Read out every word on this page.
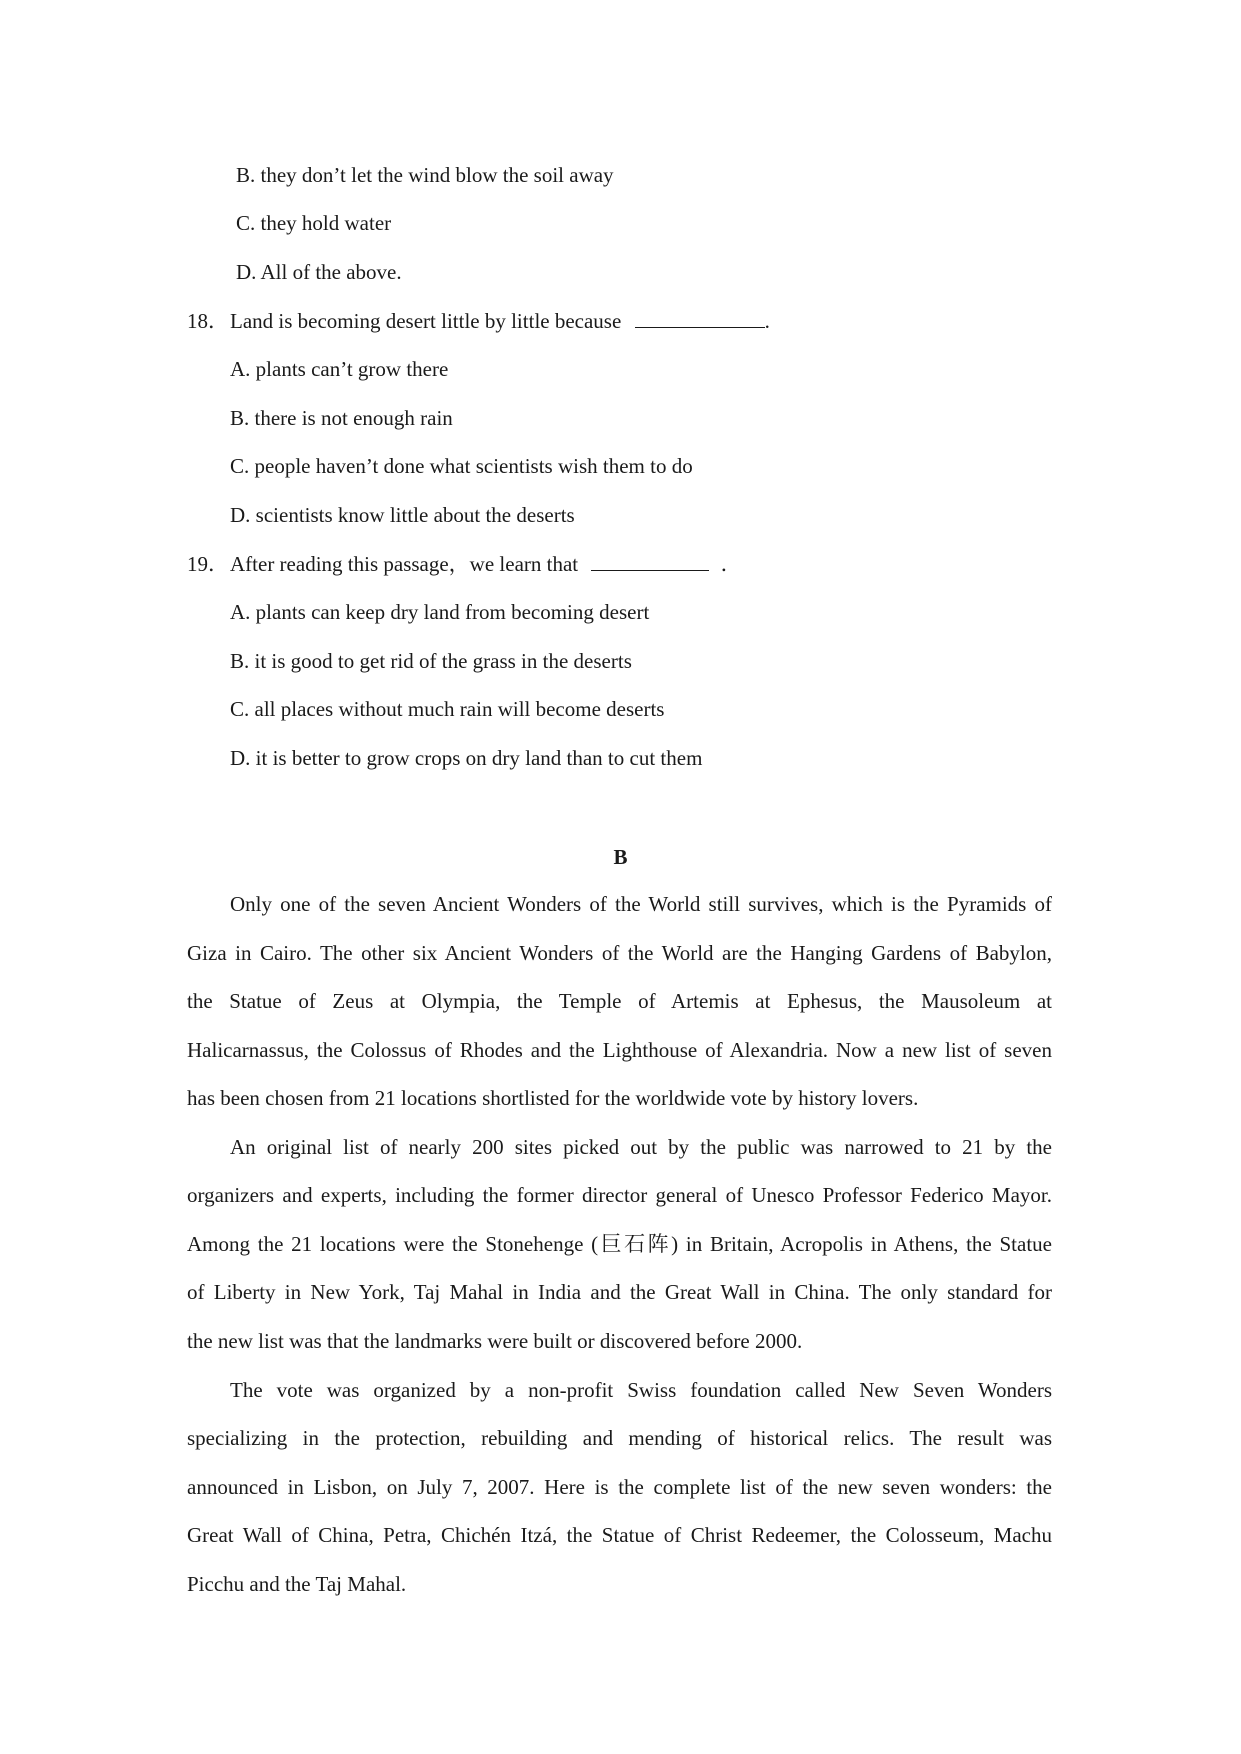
B. they don’t let the wind blow the soil away
C. they hold water
D. All of the above.
18． Land is becoming desert little by little because	.
A. plants can’t grow there
B. there is not enough rain
C. people haven’t done what scientists wish them to do
D. scientists know little about the deserts
19． After reading this passage，we learn that	．
A. plants can keep dry land from becoming desert
B. it is good to get rid of the grass in the deserts
C. all places without much rain will become deserts
D. it is better to grow crops on dry land than to cut them
B
Only one of the seven Ancient Wonders of the World still survives, which is the Pyramids of
Giza in Cairo. The other six Ancient Wonders of the World are the Hanging Gardens of Babylon,
the Statue of Zeus at Olympia, the Temple of Artemis at Ephesus, the Mausoleum at
Halicarnassus, the Colossus of Rhodes and the Lighthouse of Alexandria. Now a new list of seven
has been chosen from 21 locations shortlisted for the worldwide vote by history lovers.
An original list of nearly 200 sites picked out by the public was narrowed to 21 by the
organizers and experts, including the former director general of Unesco Professor Federico Mayor.
Among the 21 locations were the Stonehenge (巨石阵) in Britain, Acropolis in Athens, the Statue
of Liberty in New York, Taj Mahal in India and the Great Wall in China. The only standard for
the new list was that the landmarks were built or discovered before 2000.
The vote was organized by a non-profit Swiss foundation called New Seven Wonders
specializing in the protection, rebuilding and mending of historical relics. The result was
announced in Lisbon, on July 7, 2007. Here is the complete list of the new seven wonders: the
Great Wall of China, Petra, Chichén Itzá, the Statue of Christ Redeemer, the Colosseum, Machu
Picchu and the Taj Mahal.
